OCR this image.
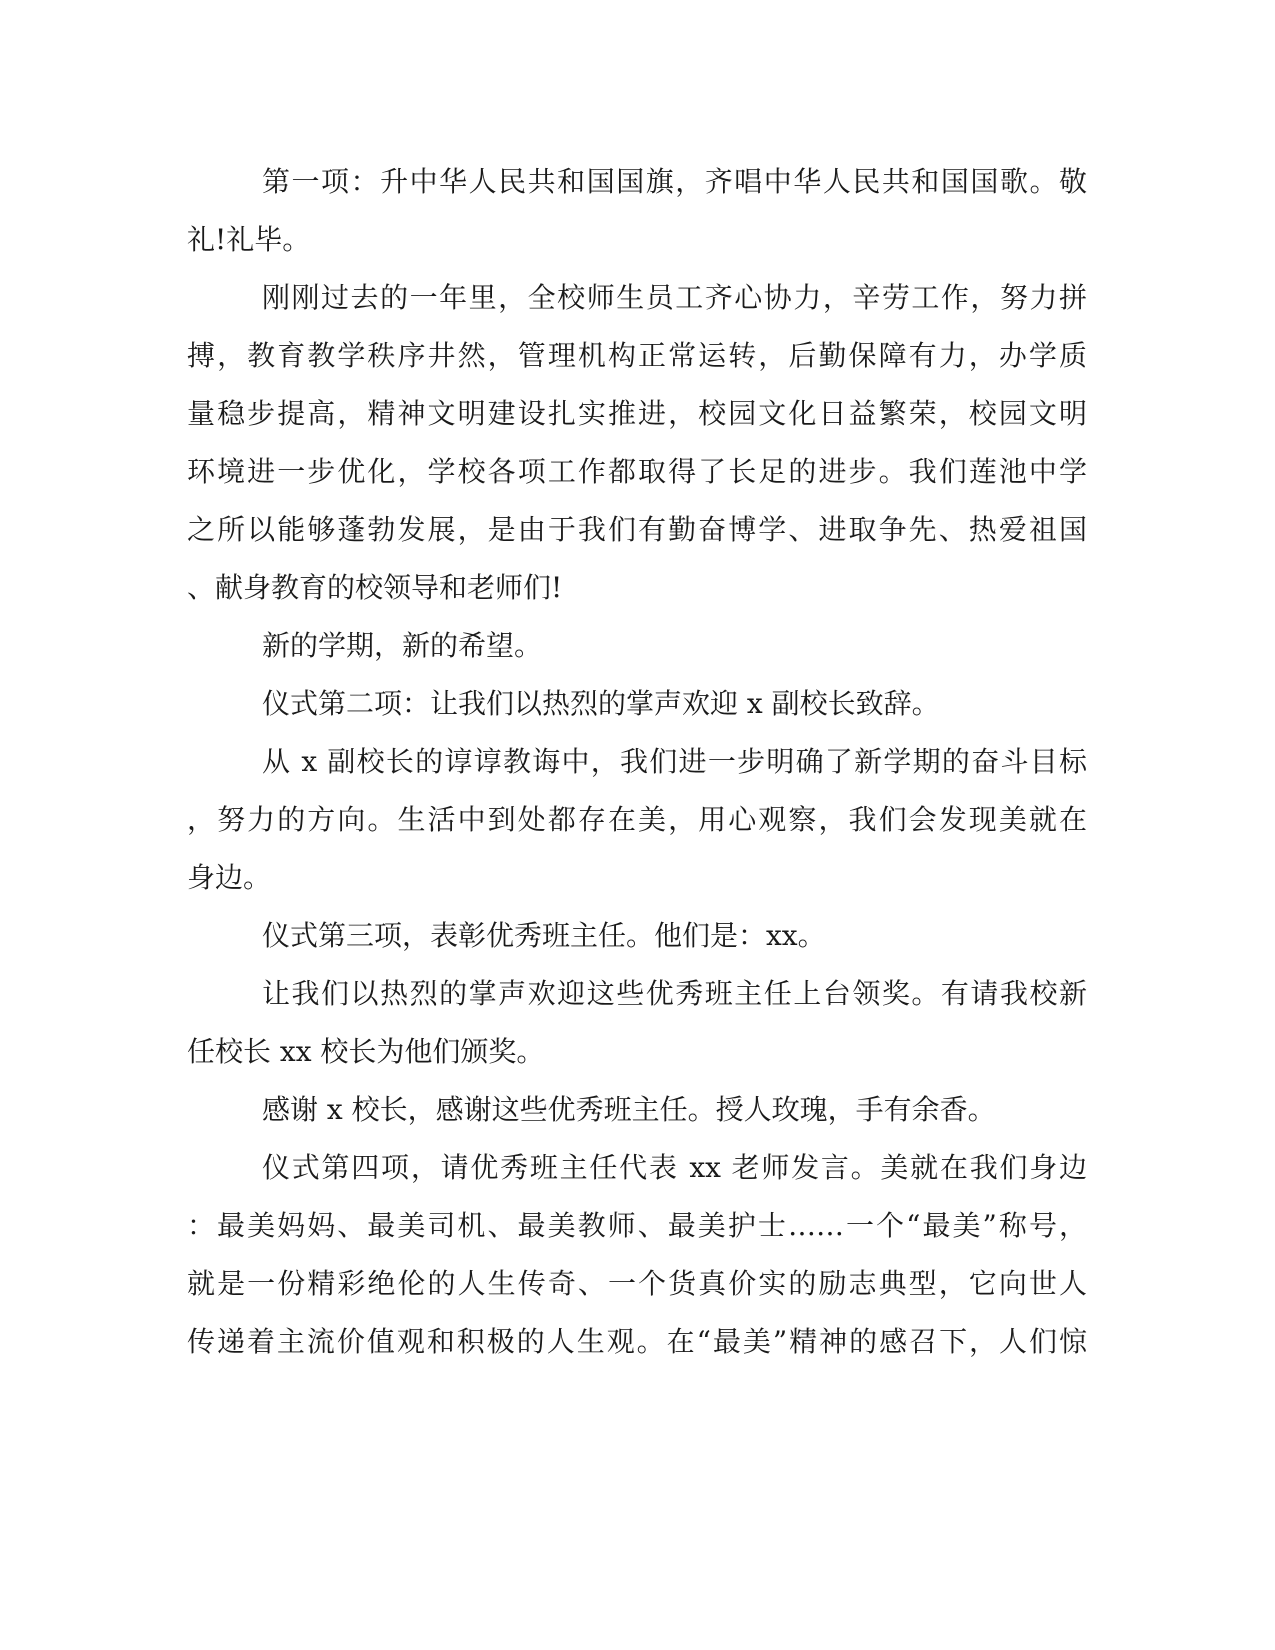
第一项：升中华人民共和国国旗，齐唱中华人民共和国国歌。敬
礼!礼毕。
刚刚过去的一年里，全校师生员工齐心协力，辛劳工作，努力拼
搏，教育教学秩序井然，管理机构正常运转，后勤保障有力，办学质
量稳步提高，精神文明建设扎实推进，校园文化日益繁荣，校园文明
环境进一步优化，学校各项工作都取得了长足的进步。我们莲池中学
之所以能够蓬勃发展，是由于我们有勤奋博学、进取争先、热爱祖国
、献身教育的校领导和老师们!
新的学期，新的希望。
仪式第二项：让我们以热烈的掌声欢迎 x 副校长致辞。
从 x 副校长的谆谆教诲中，我们进一步明确了新学期的奋斗目标
，努力的方向。生活中到处都存在美，用心观察，我们会发现美就在
身边。
仪式第三项，表彰优秀班主任。他们是：xx。
让我们以热烈的掌声欢迎这些优秀班主任上台领奖。有请我校新
任校长 xx 校长为他们颁奖。
感谢 x 校长，感谢这些优秀班主任。授人玫瑰，手有余香。
仪式第四项，请优秀班主任代表 xx 老师发言。美就在我们身边
：最美妈妈、最美司机、最美教师、最美护士……一个“最美”称号，
就是一份精彩绝伦的人生传奇、一个货真价实的励志典型，它向世人
传递着主流价值观和积极的人生观。在“最美”精神的感召下，人们惊
